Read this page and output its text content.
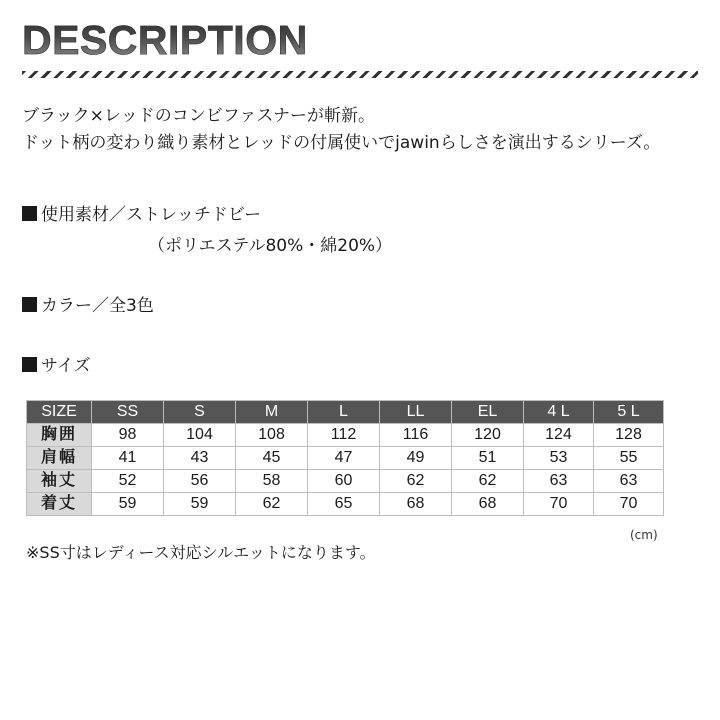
DESCRIPTION

ブラック×レッドのコンビファスナーが斬新。

ドット柄の変わり織り素材とレッドの付属使いでjawinらしさを演出するシリーズ。

使用素材／ストレッチドビー
（ポリエステル80%・綿20%）
カラー／全3色
サイズ
SIZE	SS	S	M	L	LL	EL	4 L	5 L
胸囲	98	104	108	112	116	120	124	128
肩幅	41	43	45	47	49	51	53	55
袖丈	52	56	58	60	62	62	63	63
着丈	59	59	62	65	68	68	70	70
(cm)
※SS寸はレディース対応シルエットになります。
